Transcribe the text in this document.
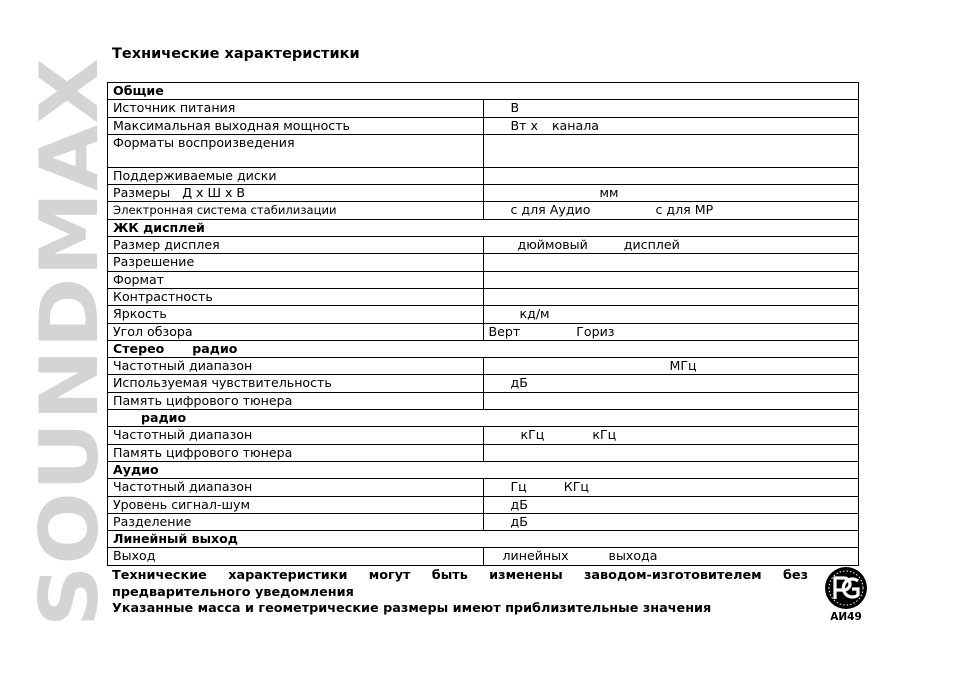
SOUNDMAX
Технические характеристики
Общие	
Источник питания	В
Максимальная выходная мощность	Вт х канала
Форматы воспроизведения	
Поддерживаемые диски	
Размеры   Д х Ш х В	мм
Электронная система стабилизации	с для Аудио с для МР
ЖК дисплей	
Размер дисплея	дюймовый дисплей
Разрешение	
Формат	
Контрастность	
Яркость	кд/м
Угол обзора	Верт Гориз
Стерео радио	
Частотный диапазон	МГц
Используемая чувствительность	дБ
Память цифрового тюнера	
радио	
Частотный диапазон	кГц кГц
Память цифрового тюнера	
Аудио	
Частотный диапазон	Гц КГц
Уровень сигнал-шум	дБ
Разделение	дБ
Линейный выход	
Выход	линейных выхода
Технические характеристики могут быть изменены заводом-изготовителем без
предварительного уведомления
Указанные масса и геометрические размеры имеют приблизительные значения
АИ49
